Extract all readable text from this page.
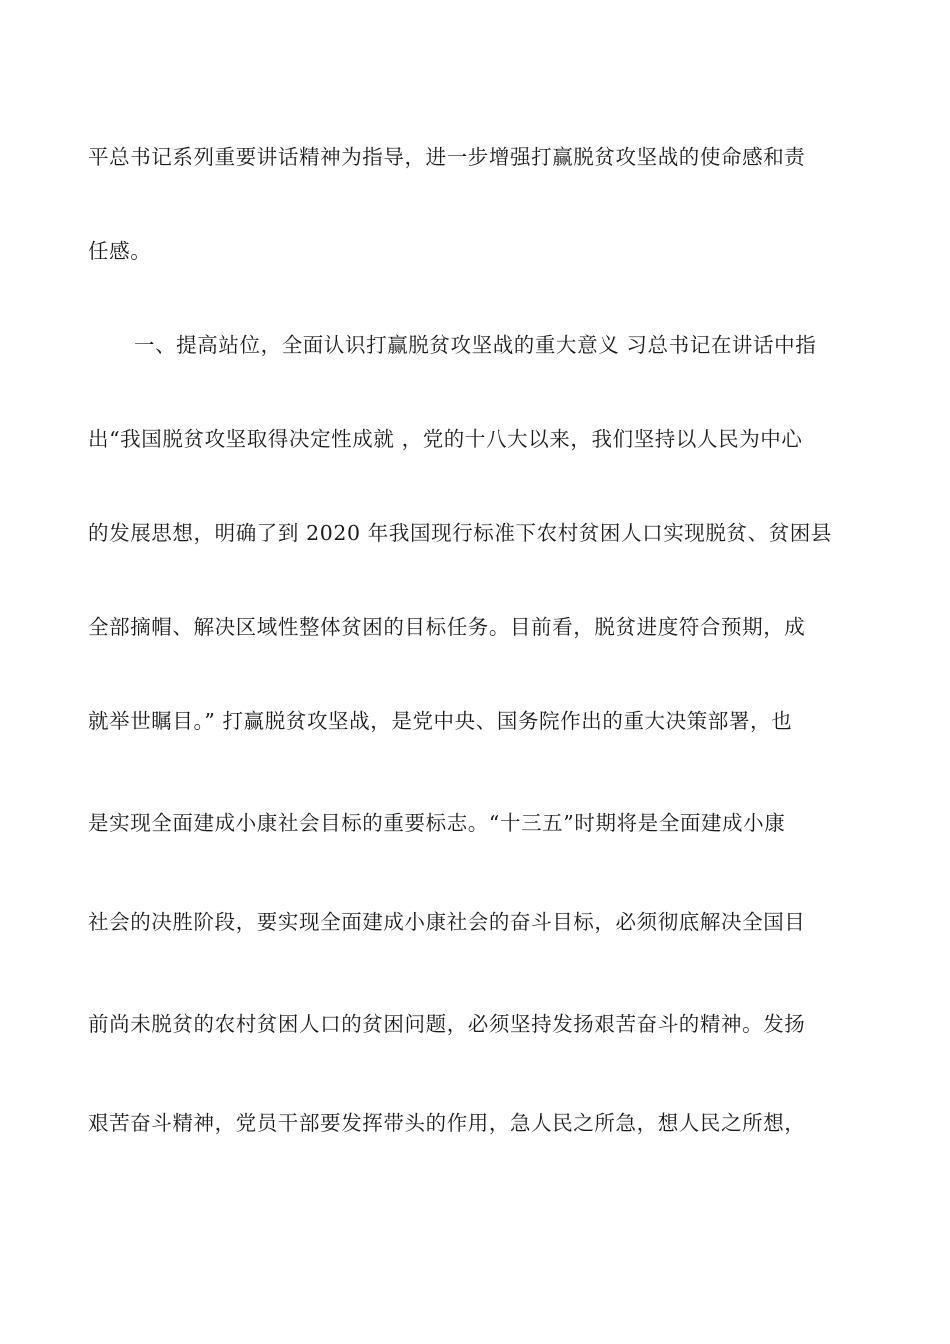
平总书记系列重要讲话精神为指导，进一步增强打赢脱贫攻坚战的使命感和责
任感。
一、提高站位，全面认识打赢脱贫攻坚战的重大意义 习总书记在讲话中指
出“我国脱贫攻坚取得决定性成就 ，党的十八大以来，我们坚持以人民为中心
的发展思想，明确了到 2020 年我国现行标准下农村贫困人口实现脱贫、贫困县
全部摘帽、解决区域性整体贫困的目标任务。目前看，脱贫进度符合预期，成
就举世瞩目。” 打赢脱贫攻坚战，是党中央、国务院作出的重大决策部署，也
是实现全面建成小康社会目标的重要标志。“十三五”时期将是全面建成小康
社会的决胜阶段，要实现全面建成小康社会的奋斗目标，必须彻底解决全国目
前尚未脱贫的农村贫困人口的贫困问题，必须坚持发扬艰苦奋斗的精神。发扬
艰苦奋斗精神，党员干部要发挥带头的作用，急人民之所急，想人民之所想，
